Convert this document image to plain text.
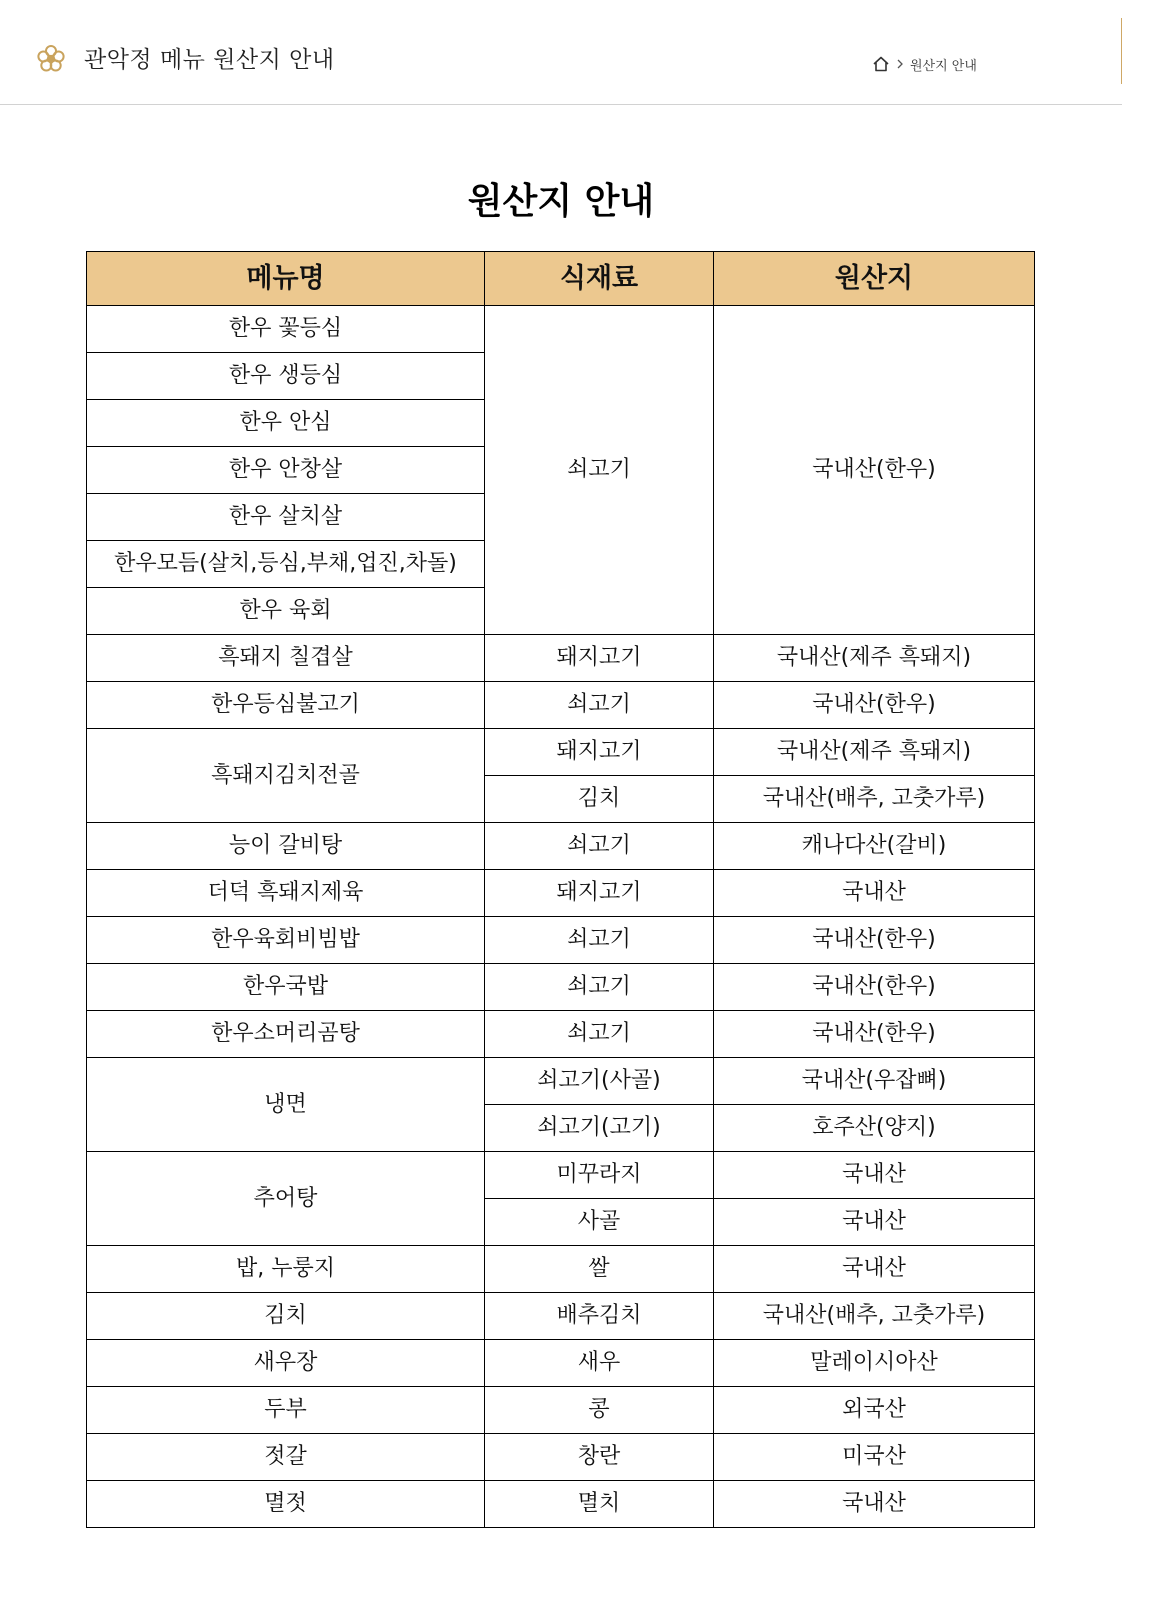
관악정 메뉴 원산지 안내	원산지 안내
원산지 안내
메뉴명	식재료	원산지
한우 꽃등심	쇠고기	국내산(한우)
한우 생등심		
한우 안심		
한우 안창살		
한우 살치살		
한우모듬(살치,등심,부채,업진,차돌)		
한우 육회		
흑돼지 칠겹살	돼지고기	국내산(제주 흑돼지)
한우등심불고기	쇠고기	국내산(한우)
흑돼지김치전골	돼지고기	국내산(제주 흑돼지)
	김치	국내산(배추, 고춧가루)
능이 갈비탕	쇠고기	캐나다산(갈비)
더덕 흑돼지제육	돼지고기	국내산
한우육회비빔밥	쇠고기	국내산(한우)
한우국밥	쇠고기	국내산(한우)
한우소머리곰탕	쇠고기	국내산(한우)
냉면	쇠고기(사골)	국내산(우잡뼈)
	쇠고기(고기)	호주산(양지)
추어탕	미꾸라지	국내산
	사골	국내산
밥, 누룽지	쌀	국내산
김치	배추김치	국내산(배추, 고춧가루)
새우장	새우	말레이시아산
두부	콩	외국산
젓갈	창란	미국산
멸젓	멸치	국내산
